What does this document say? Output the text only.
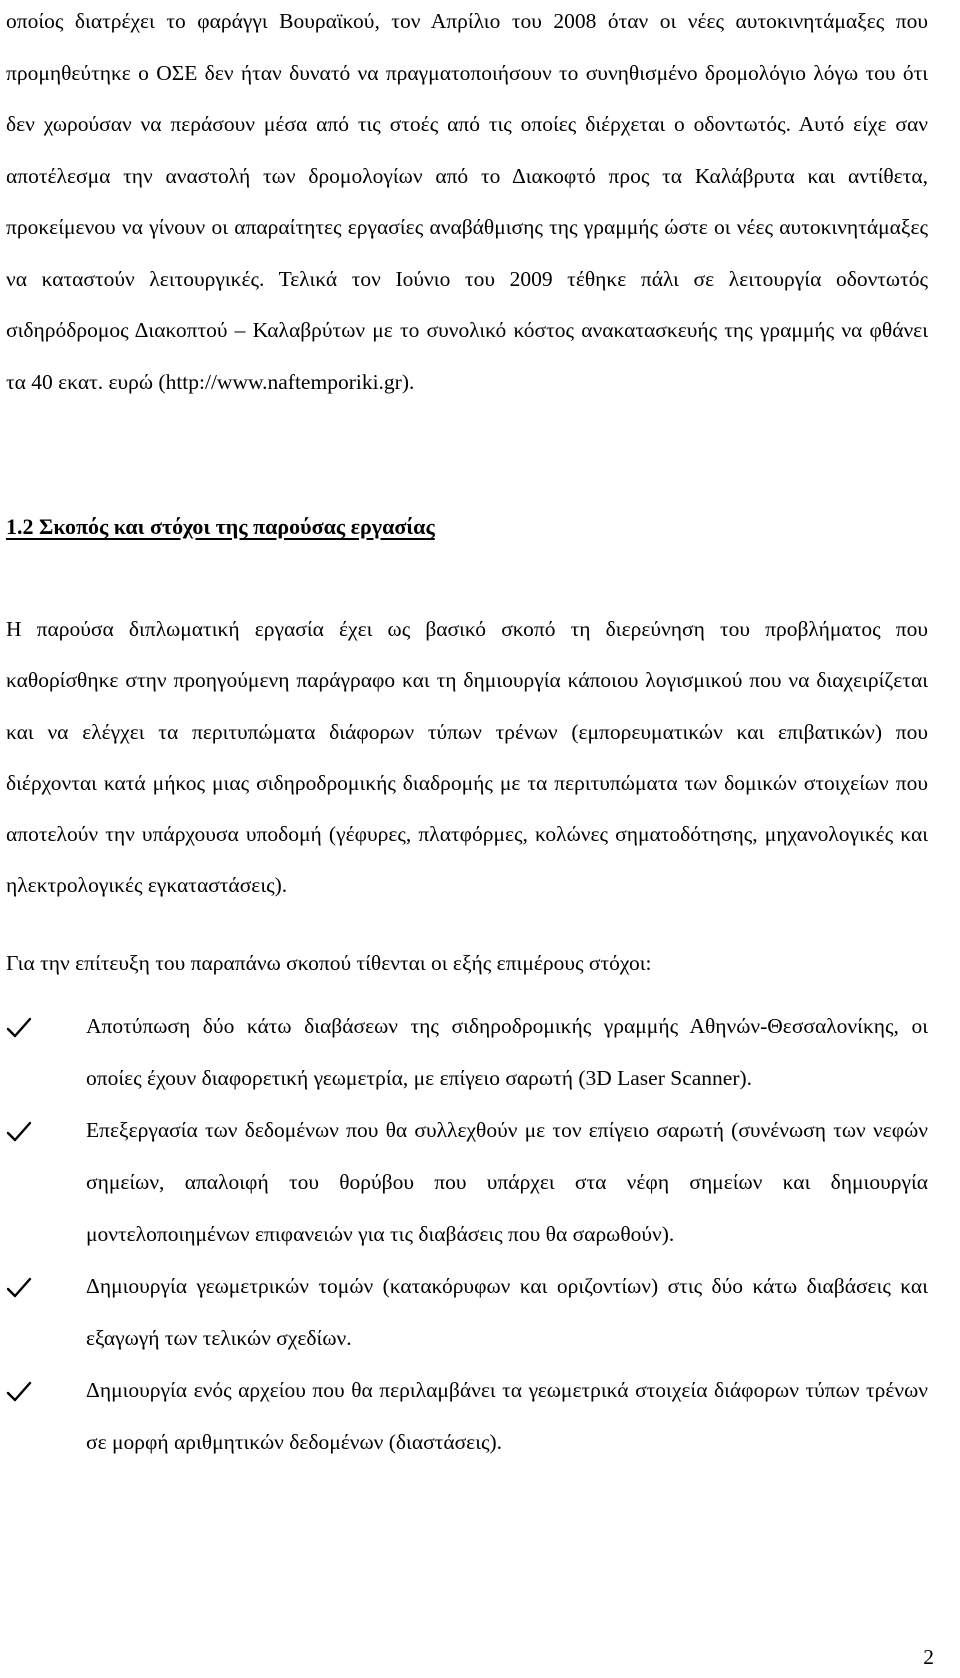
οποίος διατρέχει το φαράγγι Βουραϊκού, τον Απρίλιο του 2008 όταν οι νέες αυτοκινητάμαξες που προμηθεύτηκε ο ΟΣΕ δεν ήταν δυνατό να πραγματοποιήσουν το συνηθισμένο δρομολόγιο λόγω του ότι δεν χωρούσαν να περάσουν μέσα από τις στοές από τις οποίες διέρχεται ο οδοντωτός. Αυτό είχε σαν αποτέλεσμα την αναστολή των δρομολογίων από το Διακοφτό προς τα Καλάβρυτα και αντίθετα, προκείμενου να γίνουν οι απαραίτητες εργασίες αναβάθμισης της γραμμής ώστε οι νέες αυτοκινητάμαξες να καταστούν λειτουργικές. Τελικά τον Ιούνιο του 2009 τέθηκε πάλι σε λειτουργία οδοντωτός σιδηρόδρομος Διακοπτού – Καλαβρύτων με το συνολικό κόστος ανακατασκευής της γραμμής να φθάνει τα 40 εκατ. ευρώ (http://www.naftemporiki.gr).

1.2 Σκοπός και στόχοι της παρούσας εργασίας

Η παρούσα διπλωματική εργασία έχει ως βασικό σκοπό τη διερεύνηση του προβλήματος που καθορίσθηκε στην προηγούμενη παράγραφο και τη δημιουργία κάποιου λογισμικού που να διαχειρίζεται και να ελέγχει τα περιτυπώματα διάφορων τύπων τρένων (εμπορευματικών και επιβατικών) που διέρχονται κατά μήκος μιας σιδηροδρομικής διαδρομής με τα περιτυπώματα των δομικών στοιχείων που αποτελούν την υπάρχουσα υποδομή (γέφυρες, πλατφόρμες, κολώνες σηματοδότησης, μηχανολογικές και ηλεκτρολογικές εγκαταστάσεις).

Για την επίτευξη του παραπάνω σκοπού τίθενται οι εξής επιμέρους στόχοι:

Αποτύπωση δύο κάτω διαβάσεων της σιδηροδρομικής γραμμής Αθηνών-Θεσσαλονίκης, οι οποίες έχουν διαφορετική γεωμετρία, με επίγειο σαρωτή (3D Laser Scanner).
Επεξεργασία των δεδομένων που θα συλλεχθούν με τον επίγειο σαρωτή (συνένωση των νεφών σημείων, απαλοιφή του θορύβου που υπάρχει στα νέφη σημείων και δημιουργία μοντελοποιημένων επιφανειών για τις διαβάσεις που θα σαρωθούν).
Δημιουργία γεωμετρικών τομών (κατακόρυφων και οριζοντίων) στις δύο κάτω διαβάσεις και εξαγωγή των τελικών σχεδίων.
Δημιουργία ενός αρχείου που θα περιλαμβάνει τα γεωμετρικά στοιχεία διάφορων τύπων τρένων σε μορφή αριθμητικών δεδομένων (διαστάσεις).
2
